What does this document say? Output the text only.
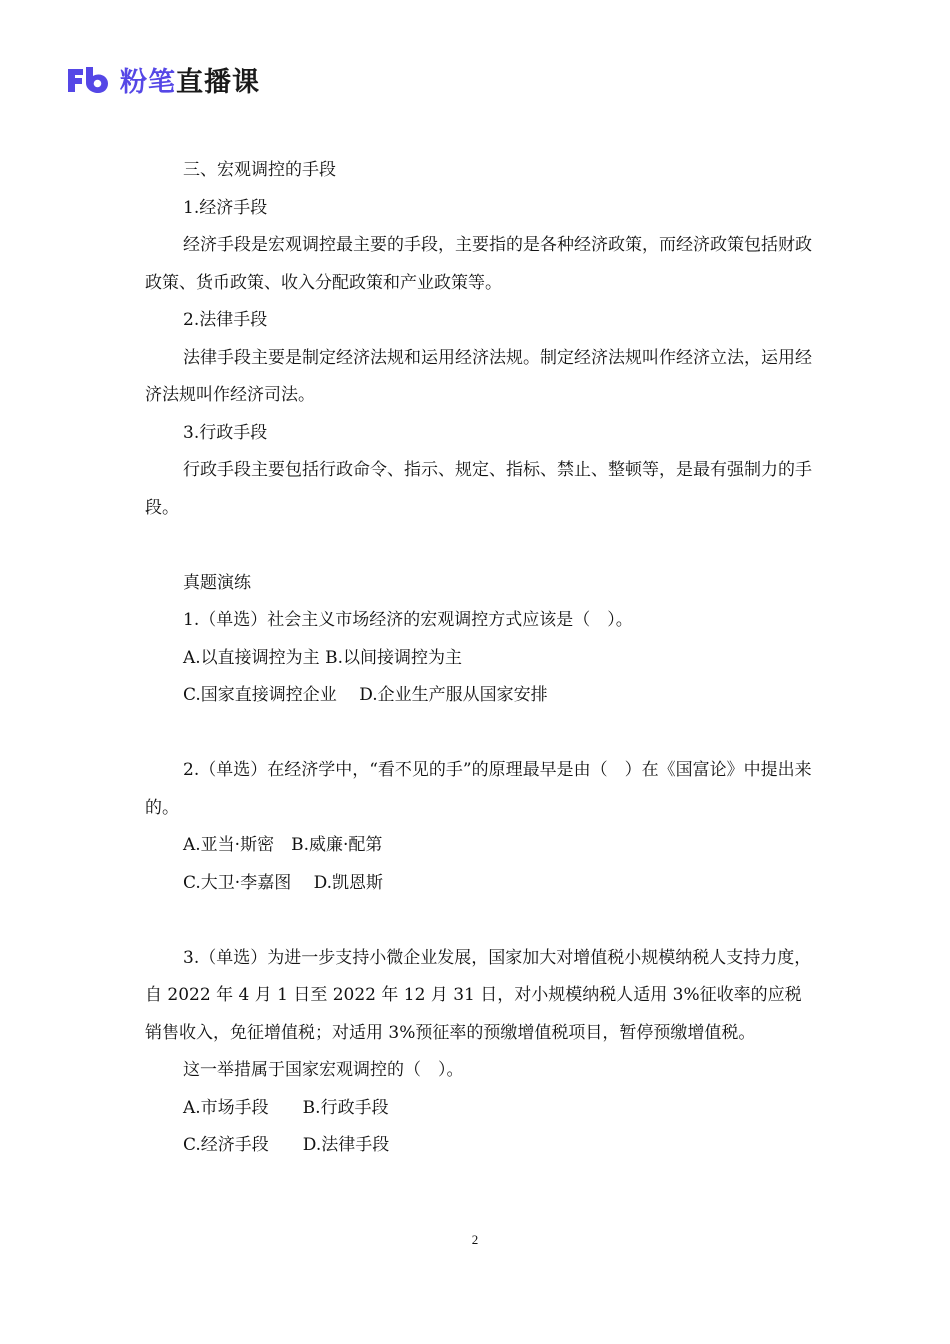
粉笔 直播课

三、宏观调控的手段

1.经济手段

经济手段是宏观调控最主要的手段，主要指的是各种经济政策，而经济政策包括财政政策、货币政策、收入分配政策和产业政策等。

2.法律手段

法律手段主要是制定经济法规和运用经济法规。制定经济法规叫作经济立法，运用经济法规叫作经济司法。

3.行政手段

行政手段主要包括行政命令、指示、规定、指标、禁止、整顿等，是最有强制力的手段。

真题演练

1.（单选）社会主义市场经济的宏观调控方式应该是（　）。

A.以直接调控为主 B.以间接调控为主

C.国家直接调控企业　 D.企业生产服从国家安排

2.（单选）在经济学中，“看不见的手”的原理最早是由（　）在《国富论》中提出来的。

A.亚当·斯密　B.威廉·配第

C.大卫·李嘉图　 D.凯恩斯

3.（单选）为进一步支持小微企业发展，国家加大对增值税小规模纳税人支持力度，自 2022 年 4 月 1 日至 2022 年 12 月 31 日，对小规模纳税人适用 3%征收率的应税销售收入，免征增值税；对适用 3%预征率的预缴增值税项目，暂停预缴增值税。

这一举措属于国家宏观调控的（　）。

A.市场手段　　B.行政手段

C.经济手段　　D.法律手段

2
